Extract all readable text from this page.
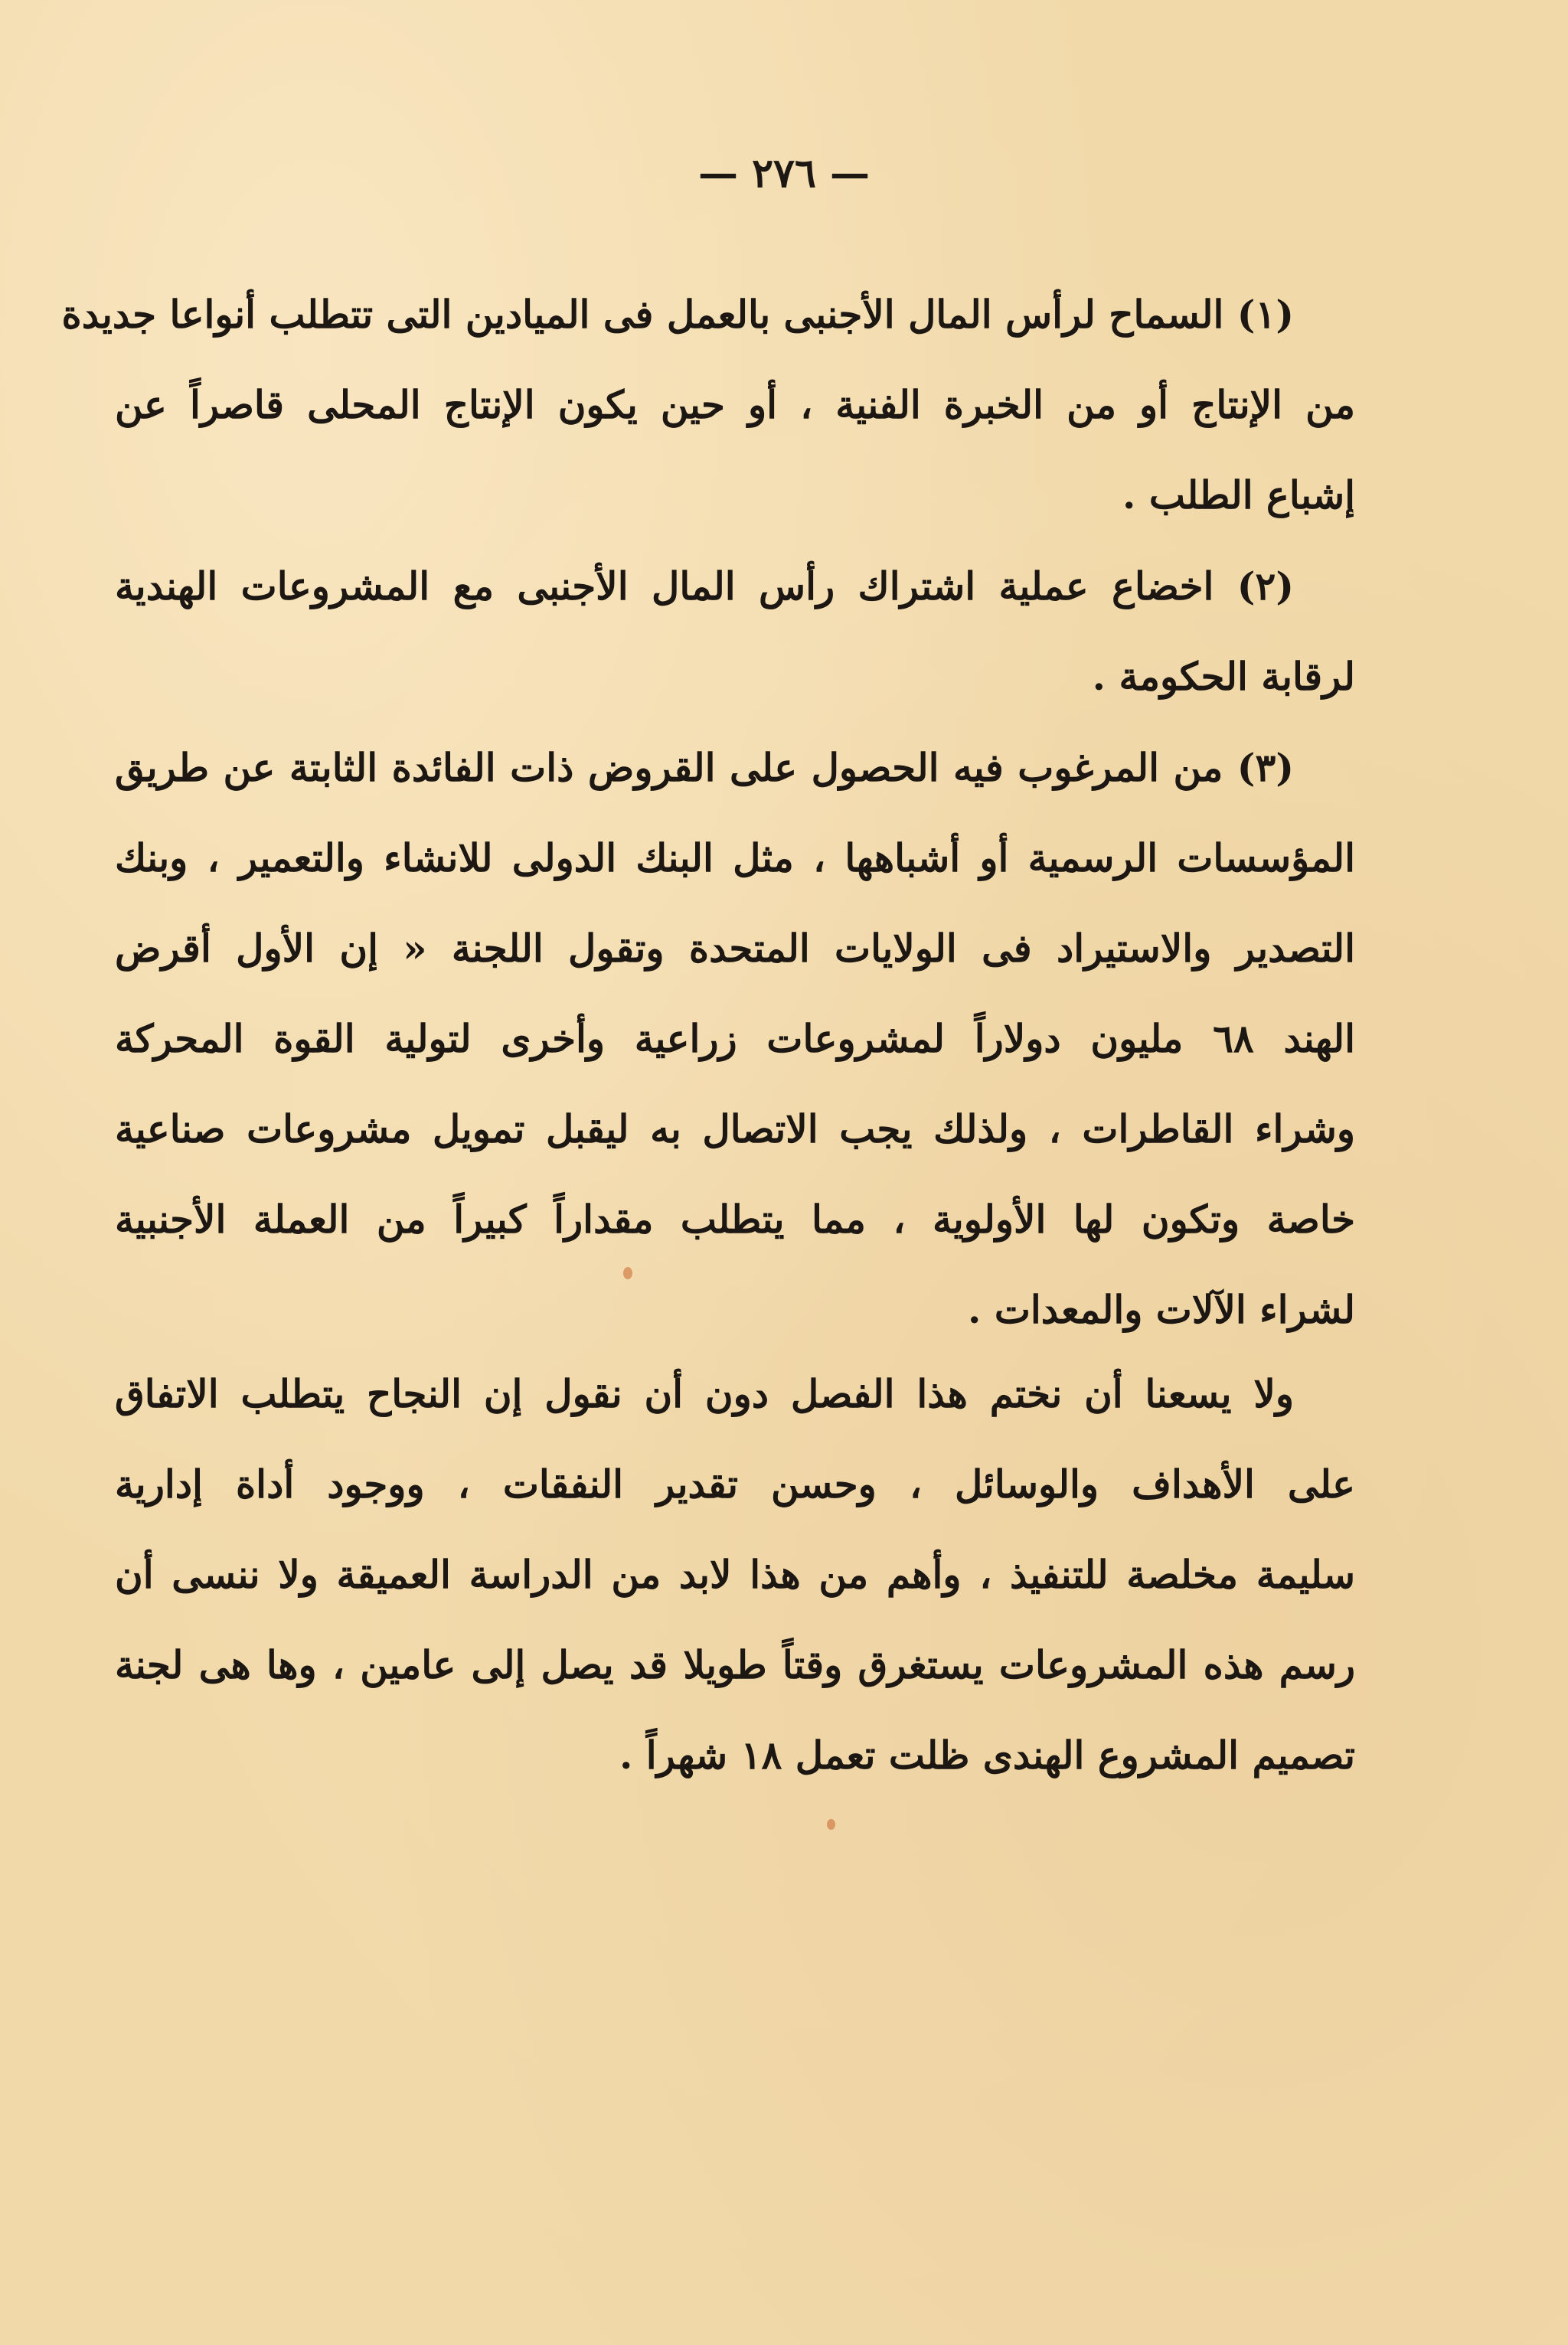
— ٢٧٦ —
(١) السماح لرأس المال الأجنبى بالعمل فى الميادين التى تتطلب أنواعا جديدة
من الإنتاج أو من الخبرة الفنية ، أو حين يكون الإنتاج المحلى قاصراً عن
إشباع الطلب .
(٢) اخضاع عملية اشتراك رأس المال الأجنبى مع المشروعات الهندية
لرقابة الحكومة .
(٣) من المرغوب فيه الحصول على القروض ذات الفائدة الثابتة عن طريق
المؤسسات الرسمية أو أشباهها ، مثل البنك الدولى للانشاء والتعمير ، وبنك
التصدير والاستيراد فى الولايات المتحدة وتقول اللجنة « إن الأول أقرض
الهند ٦٨ مليون دولاراً لمشروعات زراعية وأخرى لتولية القوة المحركة
وشراء القاطرات ، ولذلك يجب الاتصال به ليقبل تمويل مشروعات صناعية
خاصة وتكون لها الأولوية ، مما يتطلب مقداراً كبيراً من العملة الأجنبية
لشراء الآلات والمعدات .
ولا يسعنا أن نختم هذا الفصل دون أن نقول إن النجاح يتطلب الاتفاق
على الأهداف والوسائل ، وحسن تقدير النفقات ، ووجود أداة إدارية
سليمة مخلصة للتنفيذ ، وأهم من هذا لابد من الدراسة العميقة ولا ننسى أن
رسم هذه المشروعات يستغرق وقتاً طويلا قد يصل إلى عامين ، وها هى لجنة
تصميم المشروع الهندى ظلت تعمل ١٨ شهراً .
